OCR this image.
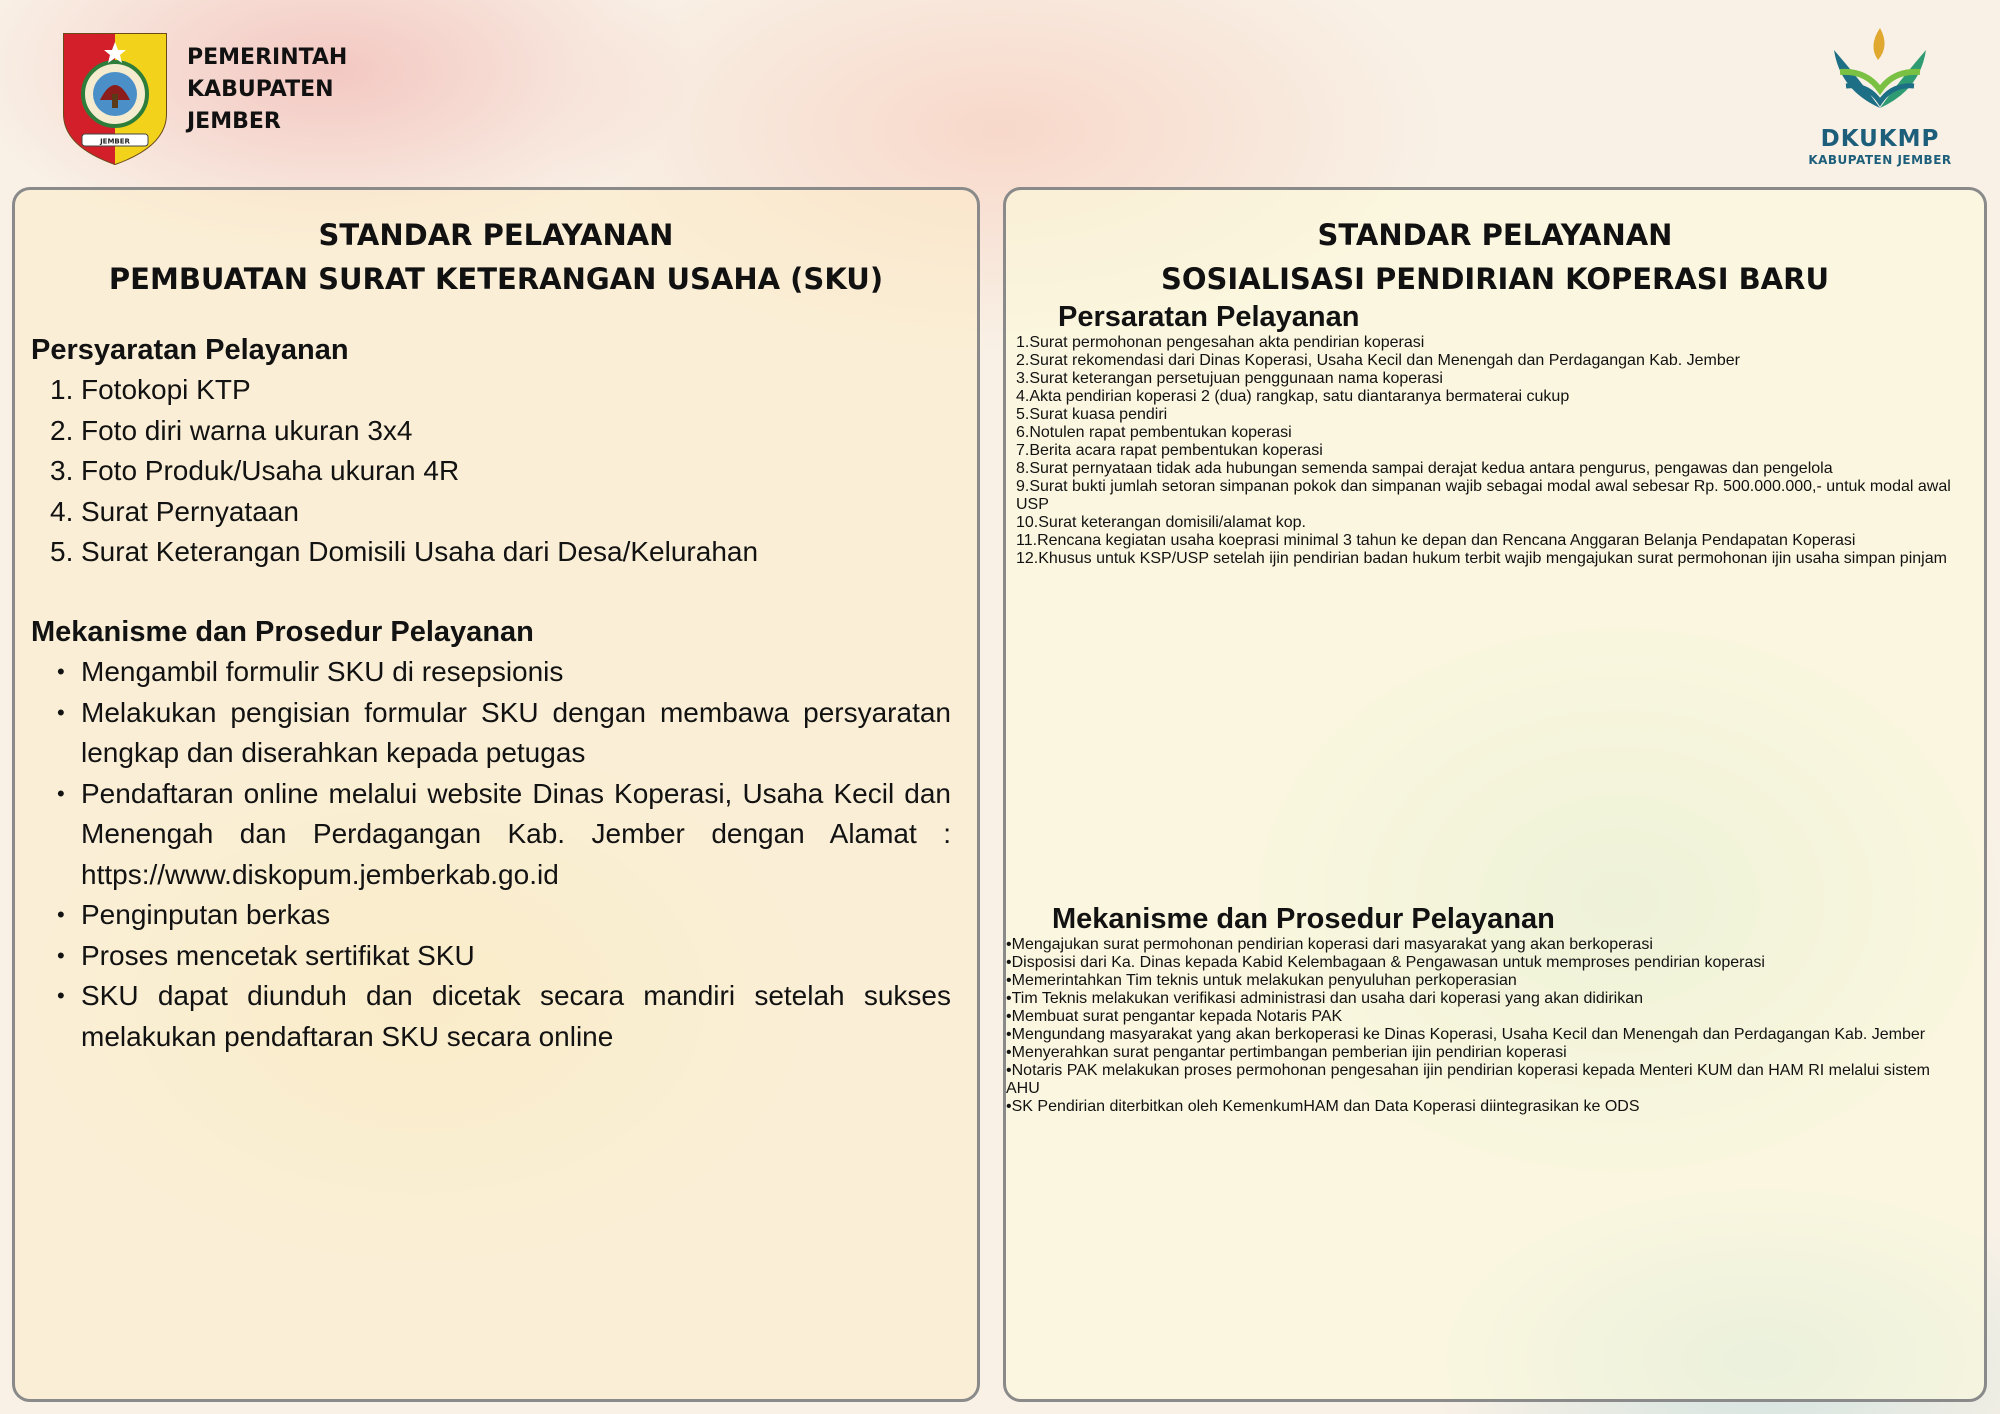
JEMBER
PEMERINTAH
KABUPATEN
JEMBER
DKUKMP
KABUPATEN JEMBER
STANDAR PELAYANAN
PEMBUATAN SURAT KETERANGAN USAHA (SKU)
Persyaratan Pelayanan
1. Fotokopi KTP
2. Foto diri warna ukuran 3x4
3. Foto Produk/Usaha ukuran 4R
4. Surat Pernyataan
5. Surat Keterangan Domisili Usaha dari Desa/Kelurahan
Mekanisme dan Prosedur Pelayanan
• Mengambil formulir SKU di resepsionis
• Melakukan pengisian formular SKU dengan membawa persyaratan lengkap dan diserahkan kepada petugas
• Pendaftaran online melalui website Dinas Koperasi, Usaha Kecil dan Menengah dan Perdagangan Kab. Jember dengan Alamat : https://www.diskopum.jemberkab.go.id
• Penginputan berkas
• Proses mencetak sertifikat SKU
• SKU dapat diunduh dan dicetak secara mandiri setelah sukses melakukan pendaftaran SKU secara online
STANDAR PELAYANAN
SOSIALISASI PENDIRIAN KOPERASI BARU
Persaratan Pelayanan
1.Surat permohonan pengesahan akta pendirian koperasi
2.Surat rekomendasi dari Dinas Koperasi, Usaha Kecil dan Menengah dan Perdagangan Kab. Jember
3.Surat keterangan persetujuan penggunaan nama koperasi
4.Akta pendirian koperasi 2 (dua) rangkap, satu diantaranya bermaterai cukup
5.Surat kuasa pendiri
6.Notulen rapat pembentukan koperasi
7.Berita acara rapat pembentukan koperasi
8.Surat pernyataan tidak ada hubungan semenda sampai derajat kedua antara pengurus, pengawas dan pengelola
9.Surat bukti jumlah setoran simpanan pokok dan simpanan wajib sebagai modal awal sebesar Rp. 500.000.000,- untuk modal awal USP
10.Surat keterangan domisili/alamat kop.
11.Rencana kegiatan usaha koeprasi minimal 3 tahun ke depan dan Rencana Anggaran Belanja Pendapatan Koperasi
12.Khusus untuk KSP/USP setelah ijin pendirian badan hukum terbit wajib mengajukan surat permohonan ijin usaha simpan pinjam
Mekanisme dan Prosedur Pelayanan
•Mengajukan surat permohonan pendirian koperasi dari masyarakat yang akan berkoperasi
•Disposisi dari Ka. Dinas kepada Kabid Kelembagaan & Pengawasan untuk memproses pendirian koperasi
•Memerintahkan Tim teknis untuk melakukan penyuluhan perkoperasian
•Tim Teknis melakukan verifikasi administrasi dan usaha dari koperasi yang akan didirikan
•Membuat surat pengantar kepada Notaris PAK
•Mengundang masyarakat yang akan berkoperasi ke Dinas Koperasi, Usaha Kecil dan Menengah dan Perdagangan Kab. Jember
•Menyerahkan surat pengantar pertimbangan pemberian ijin pendirian koperasi
•Notaris PAK melakukan proses permohonan pengesahan ijin pendirian koperasi kepada Menteri KUM dan HAM RI melalui sistem AHU
•SK Pendirian diterbitkan oleh KemenkumHAM dan Data Koperasi diintegrasikan ke ODS
